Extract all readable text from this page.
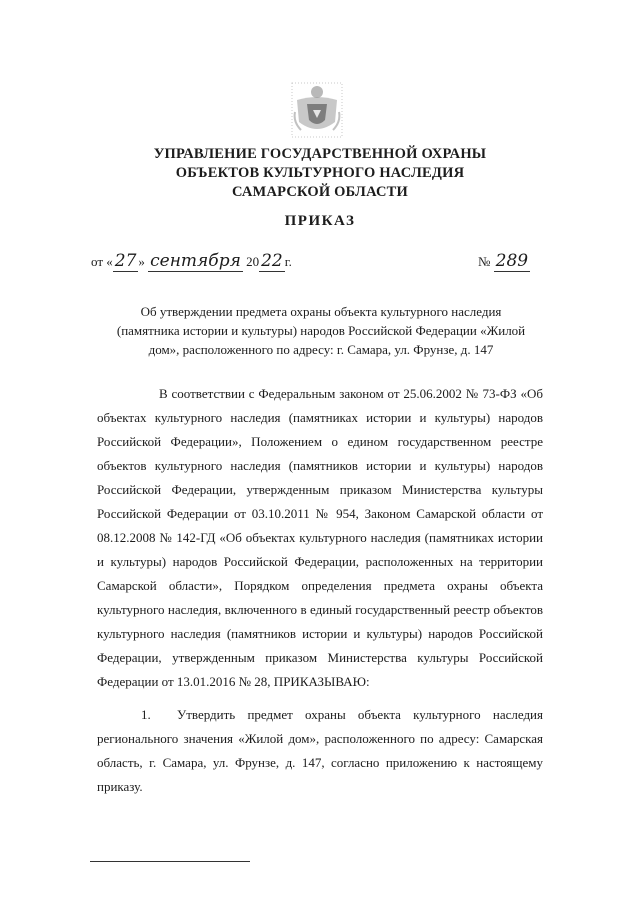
УПРАВЛЕНИЕ ГОСУДАРСТВЕННОЙ ОХРАНЫ
ОБЪЕКТОВ КУЛЬТУРНОГО НАСЛЕДИЯ
САМАРСКОЙ ОБЛАСТИ
ПРИКАЗ
от « 27 » сентября 20 22 г.	№ 289
Об утверждении предмета охраны объекта культурного наследия
(памятника истории и культуры) народов Российской Федерации «Жилой
дом», расположенного по адресу: г. Самара, ул. Фрунзе, д. 147
В соответствии с Федеральным законом от 25.06.2002 № 73-ФЗ «Об объектах культурного наследия (памятниках истории и культуры) народов Российской Федерации», Положением о едином государственном реестре объектов культурного наследия (памятников истории и культуры) народов Российской Федерации, утвержденным приказом Министерства культуры Российской Федерации от 03.10.2011 № 954, Законом Самарской области от 08.12.2008 № 142-ГД «Об объектах культурного наследия (памятниках истории и культуры) народов Российской Федерации, расположенных на территории Самарской области», Порядком определения предмета охраны объекта культурного наследия, включенного в единый государственный реестр объектов культурного наследия (памятников истории и культуры) народов Российской Федерации, утвержденным приказом Министерства культуры Российской Федерации от 13.01.2016 № 28, ПРИКАЗЫВАЮ:
1. Утвердить предмет охраны объекта культурного наследия регионального значения «Жилой дом», расположенного по адресу: Самарская область, г. Самара, ул. Фрунзе, д. 147, согласно приложению к настоящему приказу.
